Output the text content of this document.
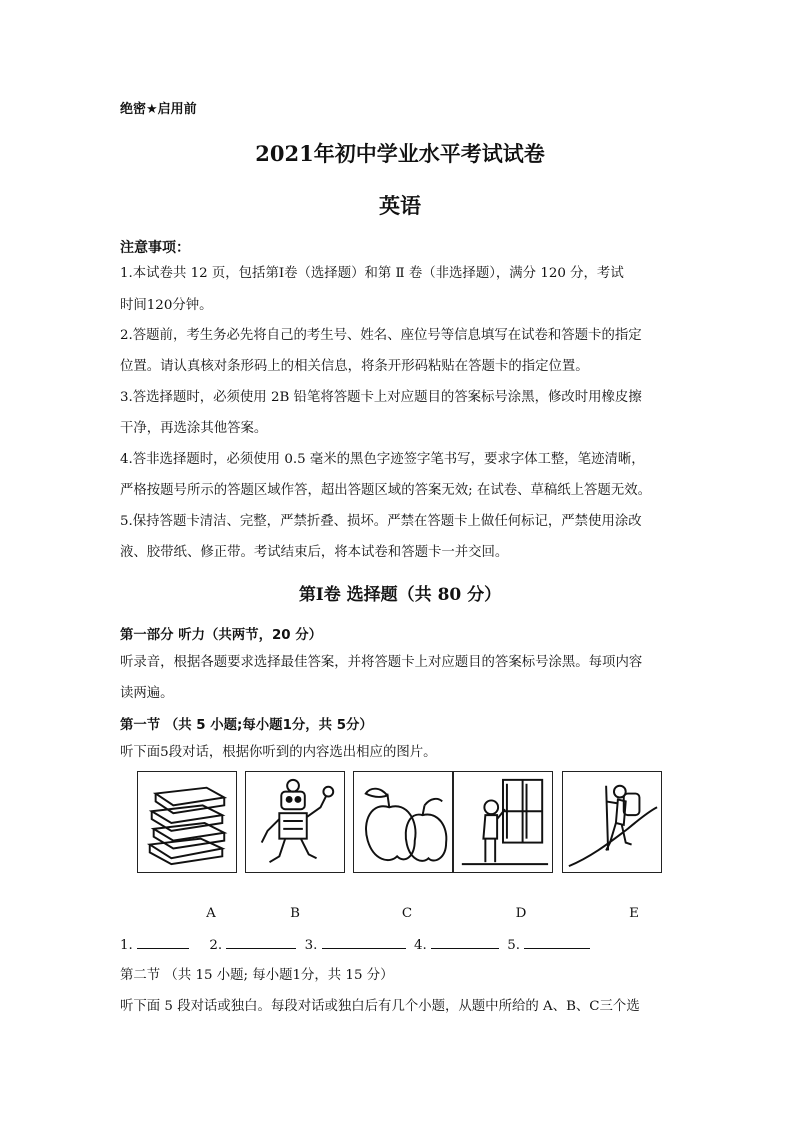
绝密★启用前
2021年初中学业水平考试试卷
英语
注意事项：
1.本试卷共 12 页，包括第Ⅰ卷（选择题）和第 Ⅱ 卷（非选择题），满分 120 分，考试
时间120分钟。
2.答题前，考生务必先将自己的考生号、姓名、座位号等信息填写在试卷和答题卡的指定
位置。请认真核对条形码上的相关信息，将条开形码粘贴在答题卡的指定位置。
3.答选择题时，必须使用 2B 铅笔将答题卡上对应题目的答案标号涂黑，修改时用橡皮擦
干净，再选涂其他答案。
4.答非选择题时，必须使用 0.5 毫米的黑色字迹签字笔书写，要求字体工整，笔迹清晰，
严格按题号所示的答题区域作答，超出答题区域的答案无效; 在试卷、草稿纸上答题无效。
5.保持答题卡清洁、完整，严禁折叠、损坏。严禁在答题卡上做任何标记，严禁使用涂改
液、胶带纸、修正带。考试结束后，将本试卷和答题卡一并交回。
第Ⅰ卷 选择题（共 80 分）
第一部分 听力（共两节，20 分）
听录音，根据各题要求选择最佳答案，并将答题卡上对应题目的答案标号涂黑。每项内容
读两遍。
第一节 （共 5 小题;每小题1分，共 5分）
听下面5段对话，根据你听到的内容选出相应的图片。
A	B	C	D	E
1.	2.	3.	4.	5.
第二节 （共 15 小题; 每小题1分，共 15 分）
听下面 5 段对话或独白。每段对话或独白后有几个小题，从题中所给的 A、B、C三个选
